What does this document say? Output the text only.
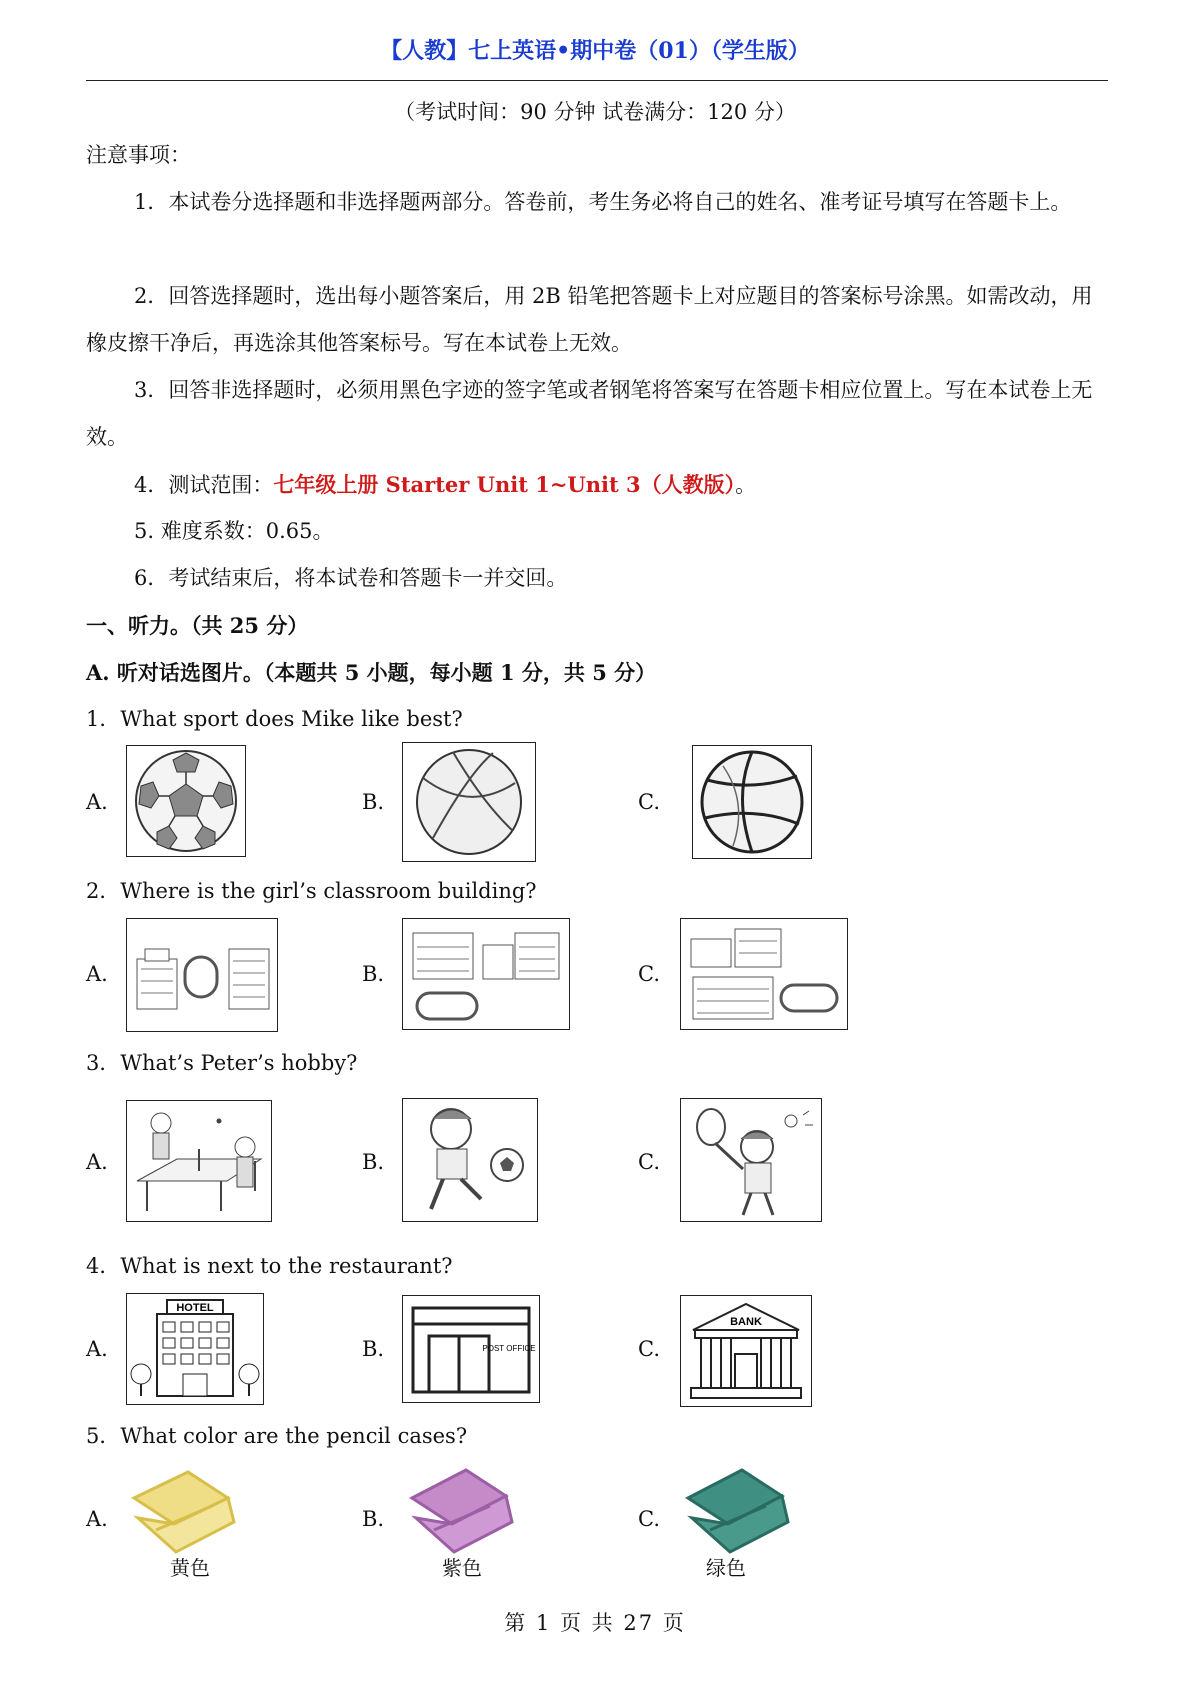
【人教】七上英语•期中卷（01）（学生版）
（考试时间：90 分钟 试卷满分：120 分）
注意事项：
1．本试卷分选择题和非选择题两部分。答卷前，考生务必将自己的姓名、准考证号填写在答题卡上。
2．回答选择题时，选出每小题答案后，用 2B 铅笔把答题卡上对应题目的答案标号涂黑。如需改动，用橡皮擦干净后，再选涂其他答案标号。写在本试卷上无效。
3．回答非选择题时，必须用黑色字迹的签字笔或者钢笔将答案写在答题卡相应位置上。写在本试卷上无效。
4．测试范围：七年级上册 Starter Unit 1~Unit 3（人教版）。
5. 难度系数：0.65。
6．考试结束后，将本试卷和答题卡一并交回。
一、听力。（共 25 分）
A. 听对话选图片。（本题共 5 小题，每小题 1 分，共 5 分）
1．What sport does Mike like best?
A.	B.	C.
2．Where is the girl’s classroom building?
A.	B.	C.
3．What’s Peter’s hobby?
A.	B.	C.
4．What is next to the restaurant?
A.	B.	C.
HOTEL
POST OFFICE
BANK
5．What color are the pencil cases?
A.	B.	C.
黄色	紫色	绿色
第 1 页 共 27 页
